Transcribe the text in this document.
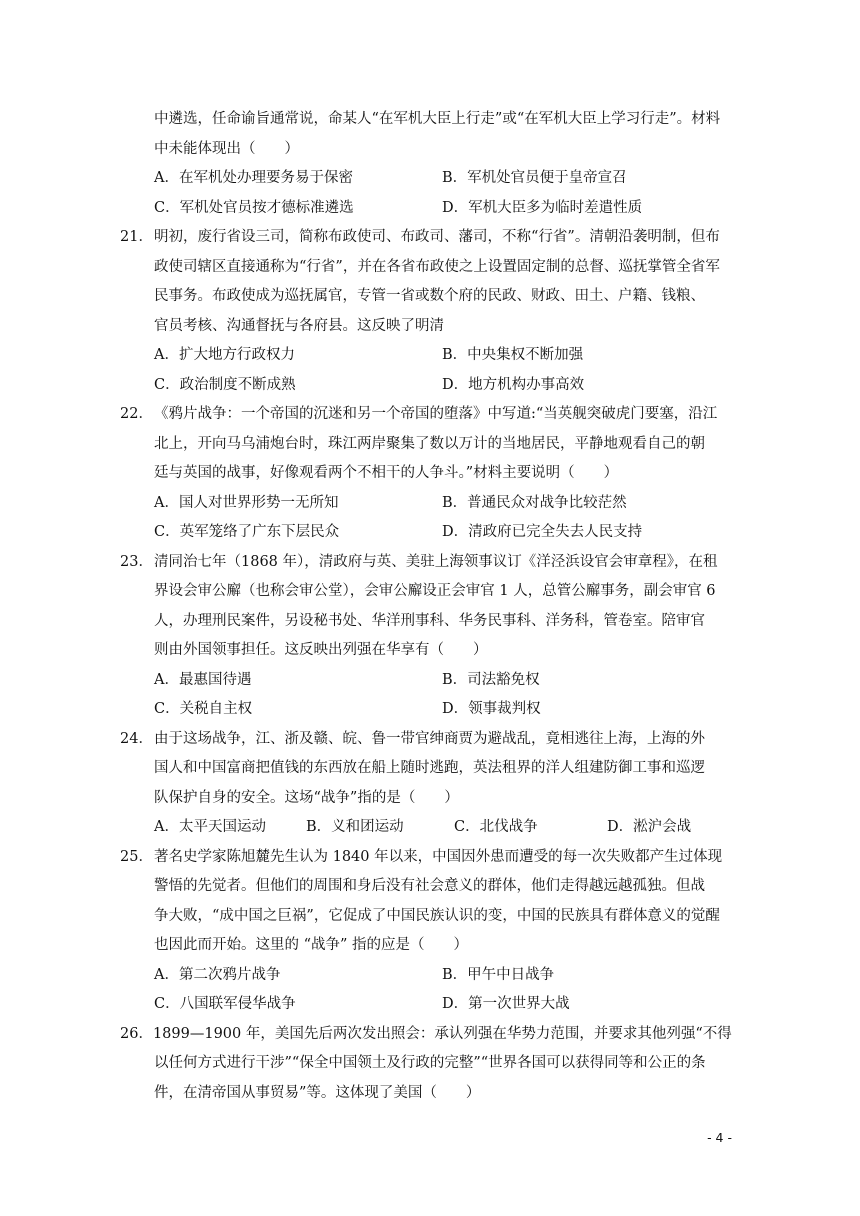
中遴选，任命谕旨通常说，命某人“在军机大臣上行走”或“在军机大臣上学习行走”。材料
中未能体现出（　　）
A．在军机处办理要务易于保密	B．军机处官员便于皇帝宣召
C．军机处官员按才德标准遴选	D．军机大臣多为临时差遣性质
21． 明初，废行省设三司，简称布政使司、布政司、藩司，不称“行省”。清朝沿袭明制，但布
政使司辖区直接通称为“行省”，并在各省布政使之上设置固定制的总督、巡抚掌管全省军
民事务。布政使成为巡抚属官，专管一省或数个府的民政、财政、田土、户籍、钱粮、
官员考核、沟通督抚与各府县。这反映了明清
A．扩大地方行政权力	B．中央集权不断加强
C．政治制度不断成熟	D．地方机构办事高效
22． 《鸦片战争：一个帝国的沉迷和另一个帝国的堕落》中写道:“当英舰突破虎门要塞，沿江
北上，开向马乌浦炮台时，珠江两岸聚集了数以万计的当地居民，平静地观看自己的朝
廷与英国的战事，好像观看两个不相干的人争斗。”材料主要说明（　　）
A．国人对世界形势一无所知	B．普通民众对战争比较茫然
C．英军笼络了广东下层民众	D．清政府已完全失去人民支持
23． 清同治七年（1868 年），清政府与英、美驻上海领事议订《洋泾浜设官会审章程》，在租
界设会审公廨（也称会审公堂），会审公廨设正会审官 1 人，总管公廨事务，副会审官 6
人，办理刑民案件，另设秘书处、华洋刑事科、华务民事科、洋务科，管卷室。陪审官
则由外国领事担任。这反映出列强在华享有（　　）
A．最惠国待遇	B．司法豁免权
C．关税自主权	D．领事裁判权
24． 由于这场战争，江、浙及赣、皖、鲁一带官绅商贾为避战乱，竟相逃往上海，上海的外
国人和中国富商把值钱的东西放在船上随时逃跑，英法租界的洋人组建防御工事和巡逻
队保护自身的安全。这场“战争”指的是（　　）
A．太平天国运动	B．义和团运动	C．北伐战争	D．淞沪会战
25． 著名史学家陈旭麓先生认为 1840 年以来，中国因外患而遭受的每一次失败都产生过体现
警悟的先觉者。但他们的周围和身后没有社会意义的群体，他们走得越远越孤独。但战
争大败，“成中国之巨祸”，它促成了中国民族认识的变，中国的民族具有群体意义的觉醒
也因此而开始。这里的 “战争” 指的应是（　　）
A．第二次鸦片战争	B．甲午中日战争
C．八国联军侵华战争	D．第一次世界大战
26． 1899—1900 年，美国先后两次发出照会：承认列强在华势力范围，并要求其他列强“不得
以任何方式进行干涉”“保全中国领土及行政的完整”“世界各国可以获得同等和公正的条
件，在清帝国从事贸易”等。这体现了美国（　　）
- 4 -
